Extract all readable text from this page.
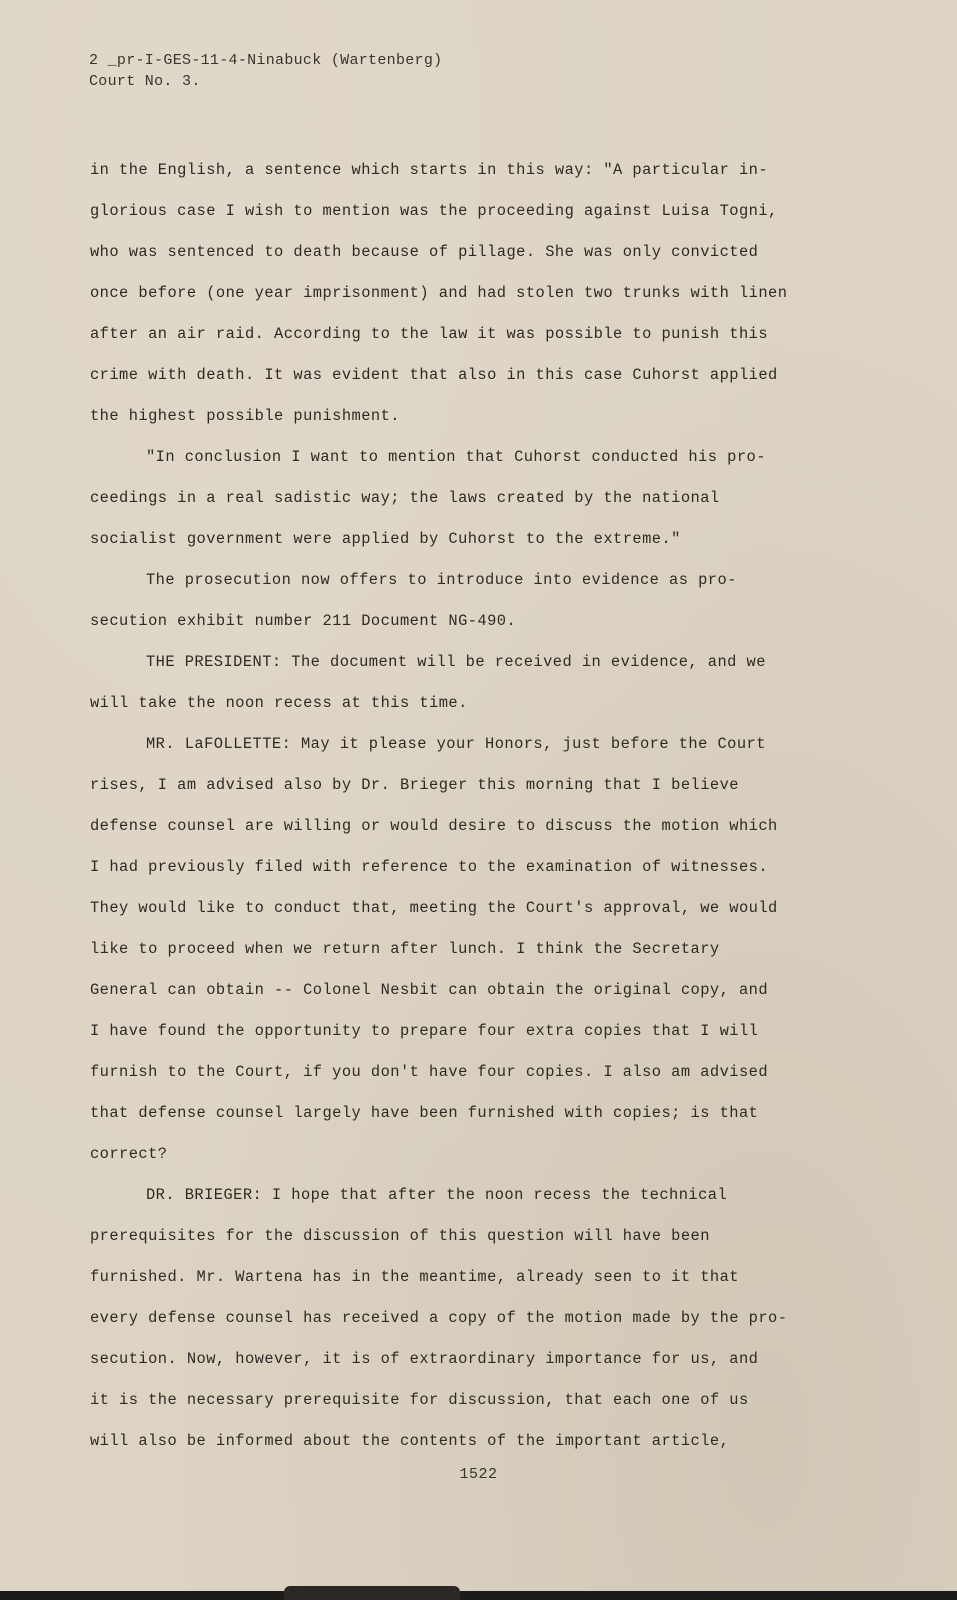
2 _pr-I-GES-11-4-Ninabuck (Wartenberg)
Court No. 3.
in the English, a sentence which starts in this way: "A particular in-
glorious case I wish to mention was the proceeding against Luisa Togni,
who was sentenced to death because of pillage. She was only convicted
once before (one year imprisonment) and had stolen two trunks with linen
after an air raid. According to the law it was possible to punish this
crime with death. It was evident that also in this case Cuhorst applied
the highest possible punishment.
"In conclusion I want to mention that Cuhorst conducted his pro-
ceedings in a real sadistic way; the laws created by the national
socialist government were applied by Cuhorst to the extreme."
The prosecution now offers to introduce into evidence as pro-
secution exhibit number 211 Document NG-490.
THE PRESIDENT: The document will be received in evidence, and we
will take the noon recess at this time.
MR. LaFOLLETTE: May it please your Honors, just before the Court
rises, I am advised also by Dr. Brieger this morning that I believe
defense counsel are willing or would desire to discuss the motion which
I had previously filed with reference to the examination of witnesses.
They would like to conduct that, meeting the Court's approval, we would
like to proceed when we return after lunch. I think the Secretary
General can obtain -- Colonel Nesbit can obtain the original copy, and
I have found the opportunity to prepare four extra copies that I will
furnish to the Court, if you don't have four copies. I also am advised
that defense counsel largely have been furnished with copies; is that
correct?
DR. BRIEGER: I hope that after the noon recess the technical
prerequisites for the discussion of this question will have been
furnished. Mr. Wartena has in the meantime, already seen to it that
every defense counsel has received a copy of the motion made by the pro-
secution. Now, however, it is of extraordinary importance for us, and
it is the necessary prerequisite for discussion, that each one of us
will also be informed about the contents of the important article,
1522
